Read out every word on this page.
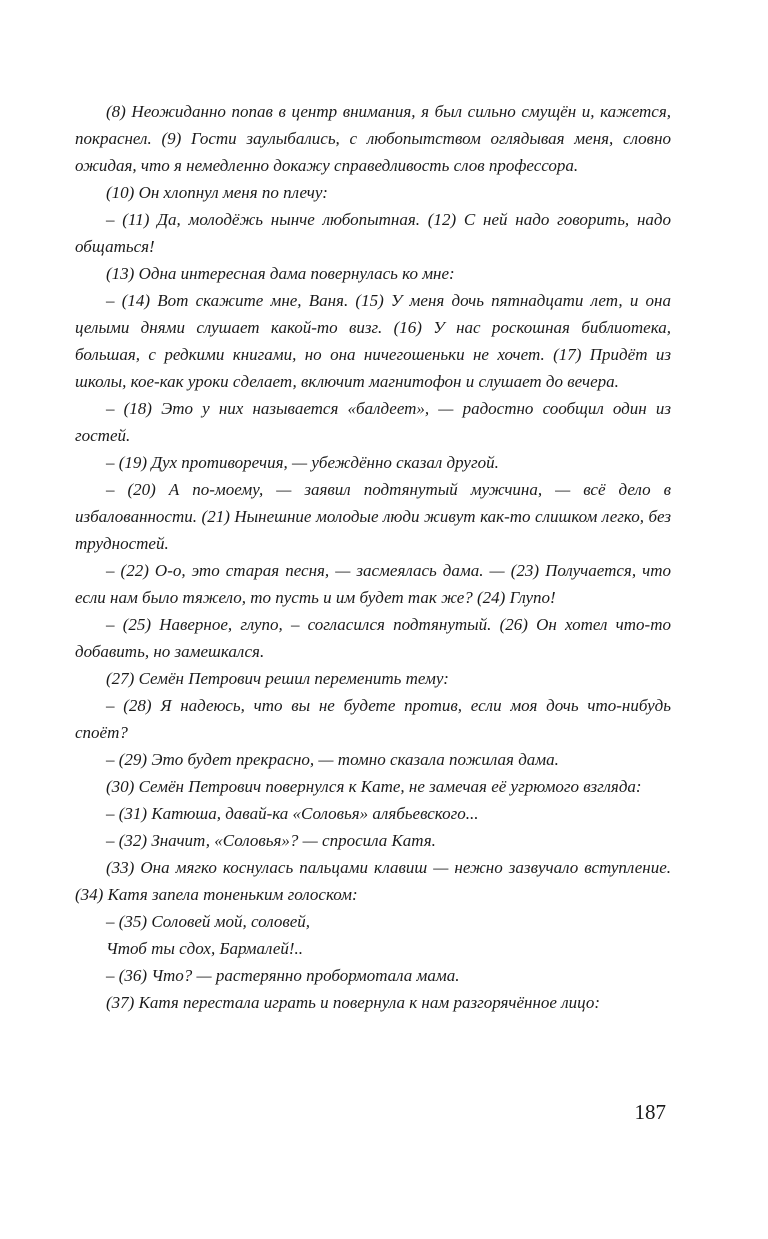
(8) Неожиданно попав в центр внимания, я был сильно смущён и, кажется, покраснел. (9) Гости заулыбались, с любопытством оглядывая меня, словно ожидая, что я немедленно докажу справедливость слов профессора.

(10) Он хлопнул меня по плечу:

– (11) Да, молодёжь нынче любопытная. (12) С ней надо говорить, надо общаться!

(13) Одна интересная дама повернулась ко мне:

– (14) Вот скажите мне, Ваня. (15) У меня дочь пятнадцати лет, и она целыми днями слушает какой-то визг. (16) У нас роскошная библиотека, большая, с редкими книгами, но она ничегошеньки не хочет. (17) Придёт из школы, кое-как уроки сделает, включит магнитофон и слушает до вечера.

– (18) Это у них называется «балдеет», — радостно сообщил один из гостей.

– (19) Дух противоречия, — убеждённо сказал другой.

– (20) А по-моему, — заявил подтянутый мужчина, — всё дело в избалованности. (21) Нынешние молодые люди живут как-то слишком легко, без трудностей.

– (22) О-о, это старая песня, — засмеялась дама. — (23) Получается, что если нам было тяжело, то пусть и им будет так же? (24) Глупо!

– (25) Наверное, глупо, – согласился подтянутый. (26) Он хотел что-то добавить, но замешкался.

(27) Семён Петрович решил переменить тему:

– (28) Я надеюсь, что вы не будете против, если моя дочь что-нибудь споёт?

– (29) Это будет прекрасно, — томно сказала пожилая дама.

(30) Семён Петрович повернулся к Кате, не замечая её угрюмого взгляда:

– (31) Катюша, давай-ка «Соловья» алябьевского...

– (32) Значит, «Соловья»? — спросила Катя.

(33) Она мягко коснулась пальцами клавиш — нежно зазвучало вступление. (34) Катя запела тоненьким голоском:

– (35) Соловей мой, соловей,

Чтоб ты сдох, Бармалей!..

– (36) Что? — растерянно пробормотала мама.

(37) Катя перестала играть и повернула к нам разгорячённое лицо:

187
